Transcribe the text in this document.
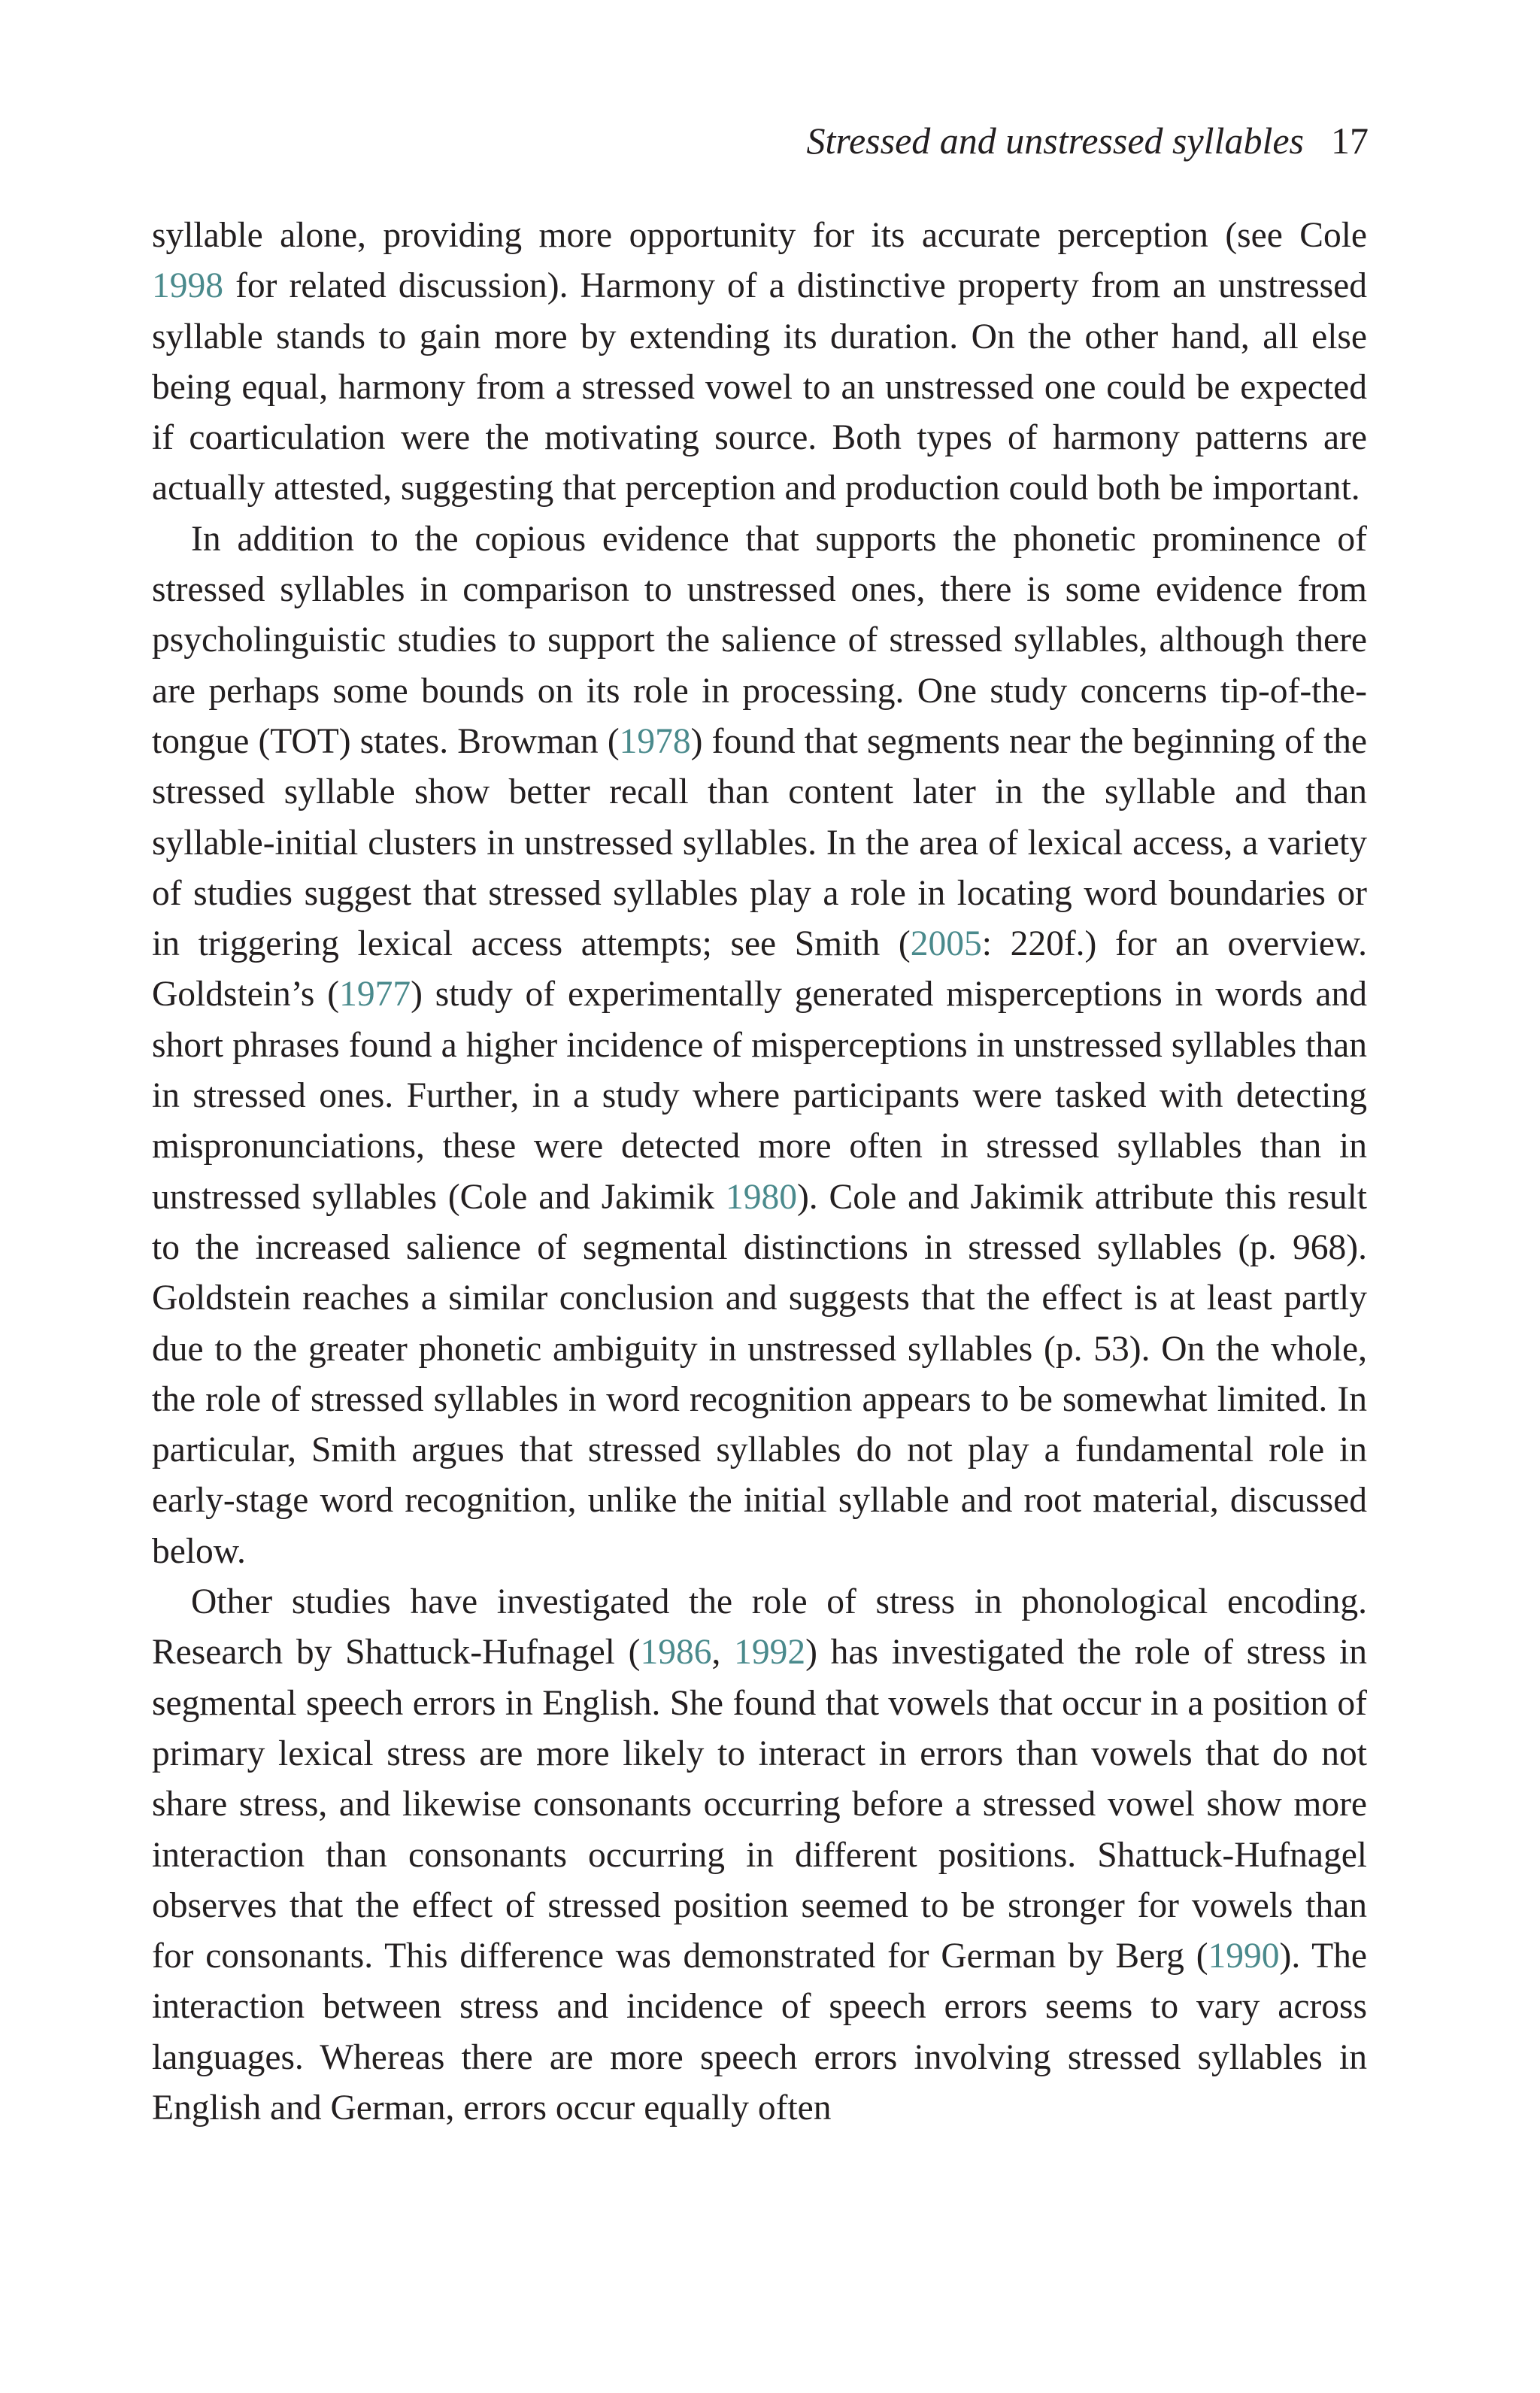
Stressed and unstressed syllables 17

syllable alone, providing more opportunity for its accurate perception (see Cole 1998 for related discussion). Harmony of a distinctive property from an unstressed syllable stands to gain more by extending its duration. On the other hand, all else being equal, harmony from a stressed vowel to an unstressed one could be expected if coarticulation were the motivating source. Both types of harmony patterns are actually attested, suggesting that perception and production could both be important.

In addition to the copious evidence that supports the phonetic prominence of stressed syllables in comparison to unstressed ones, there is some evidence from psycholinguistic studies to support the salience of stressed syllables, although there are perhaps some bounds on its role in processing. One study concerns tip-of-the-tongue (TOT) states. Browman (1978) found that segments near the beginning of the stressed syllable show better recall than content later in the syllable and than syllable-initial clusters in unstressed syllables. In the area of lexical access, a variety of studies suggest that stressed syllables play a role in locating word boundaries or in triggering lexical access attempts; see Smith (2005: 220f.) for an overview. Goldstein’s (1977) study of experimentally generated misperceptions in words and short phrases found a higher incidence of misperceptions in unstressed syllables than in stressed ones. Further, in a study where participants were tasked with detecting mispronunciations, these were detected more often in stressed syllables than in unstressed syllables (Cole and Jakimik 1980). Cole and Jakimik attribute this result to the increased salience of segmental distinctions in stressed syllables (p. 968). Goldstein reaches a similar conclusion and suggests that the effect is at least partly due to the greater phonetic ambiguity in unstressed syllables (p. 53). On the whole, the role of stressed syllables in word recognition appears to be somewhat limited. In particular, Smith argues that stressed syllables do not play a fundamental role in early-stage word recognition, unlike the initial syllable and root material, discussed below.

Other studies have investigated the role of stress in phonological encoding. Research by Shattuck-Hufnagel (1986, 1992) has investigated the role of stress in segmental speech errors in English. She found that vowels that occur in a position of primary lexical stress are more likely to interact in errors than vowels that do not share stress, and likewise consonants occurring before a stressed vowel show more interaction than consonants occurring in different positions. Shattuck-Hufnagel observes that the effect of stressed position seemed to be stronger for vowels than for consonants. This difference was demonstrated for German by Berg (1990). The interaction between stress and incidence of speech errors seems to vary across languages. Whereas there are more speech errors involving stressed syllables in English and German, errors occur equally often
